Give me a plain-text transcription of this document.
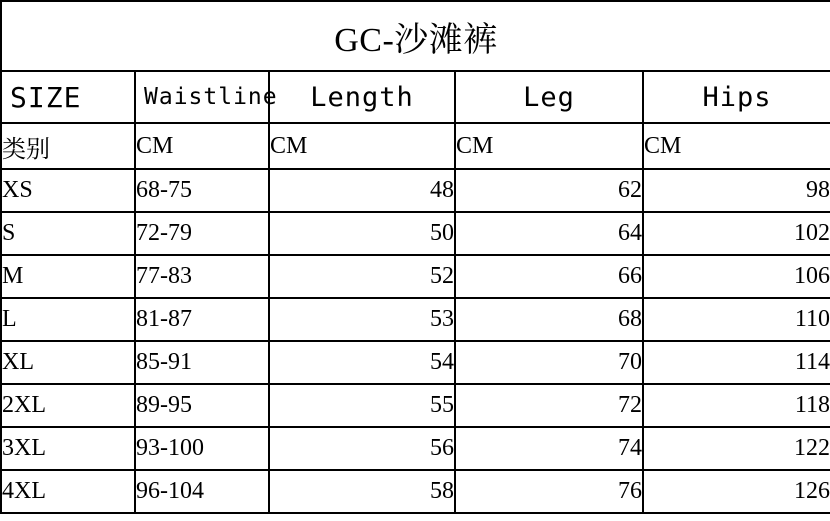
GC-沙滩裤				
SIZE	Waistline	Length	Leg	Hips
类别	CM	CM	CM	CM
XS	68-75	48	62	98
S	72-79	50	64	102
M	77-83	52	66	106
L	81-87	53	68	110
XL	85-91	54	70	114
2XL	89-95	55	72	118
3XL	93-100	56	74	122
4XL	96-104	58	76	126
